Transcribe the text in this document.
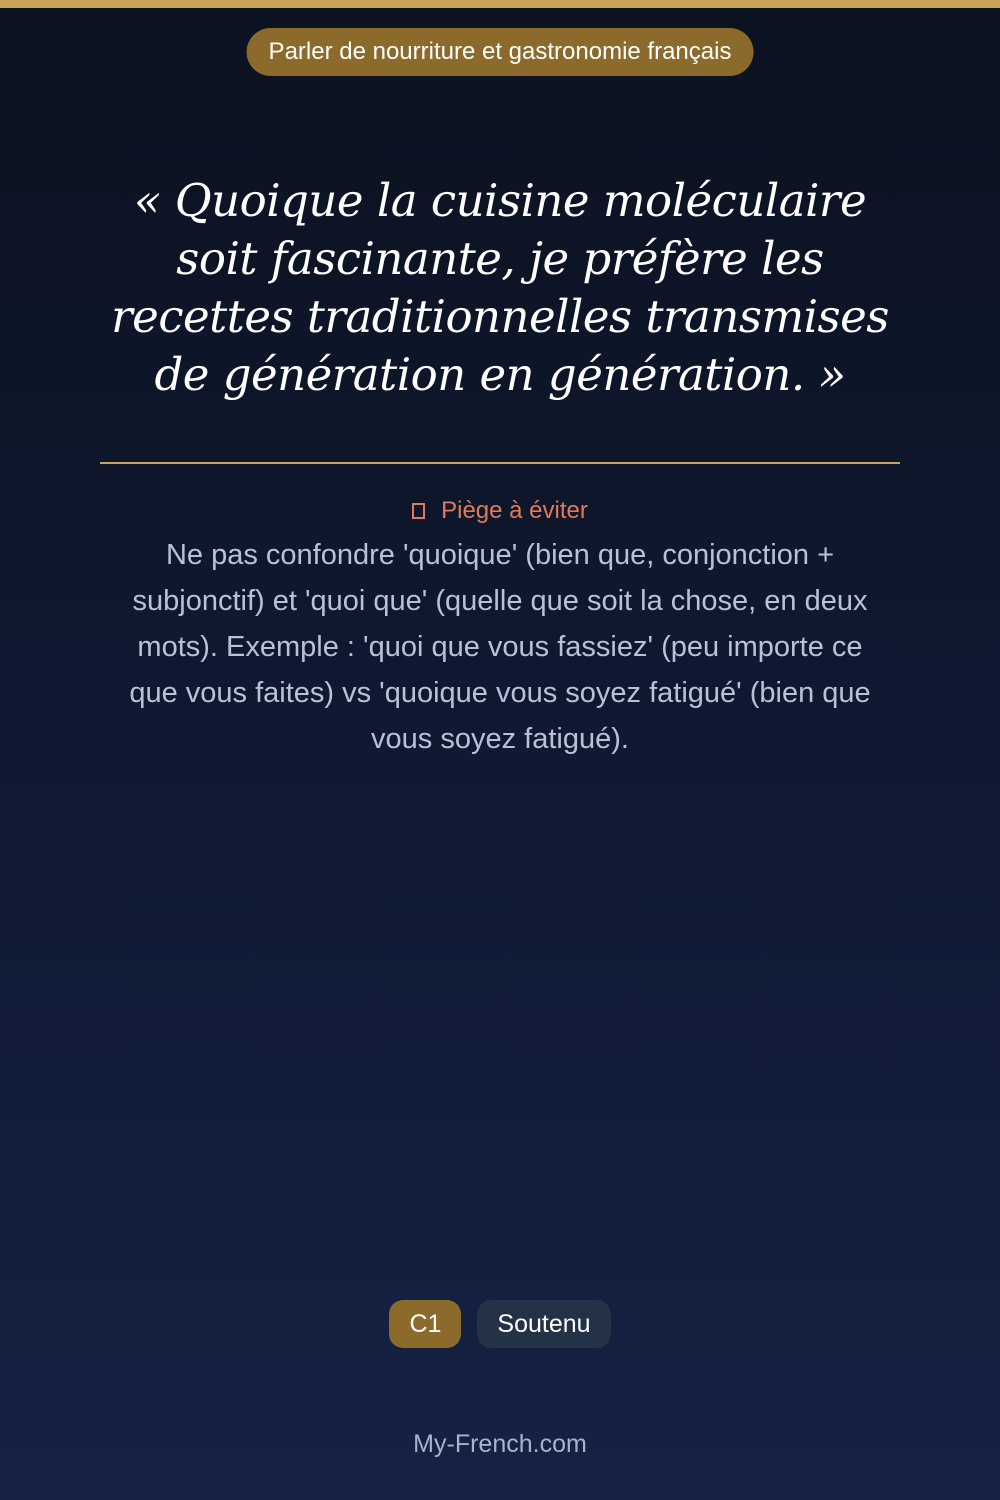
Parler de nourriture et gastronomie français

« Quoique la cuisine moléculaire soit fascinante, je préfère les recettes traditionnelles transmises de génération en génération. »

Piège à éviter

Ne pas confondre 'quoique' (bien que, conjonction + subjonctif) et 'quoi que' (quelle que soit la chose, en deux mots). Exemple : 'quoi que vous fassiez' (peu importe ce que vous faites) vs 'quoique vous soyez fatigué' (bien que vous soyez fatigué).

C1	Soutenu
My-French.com
